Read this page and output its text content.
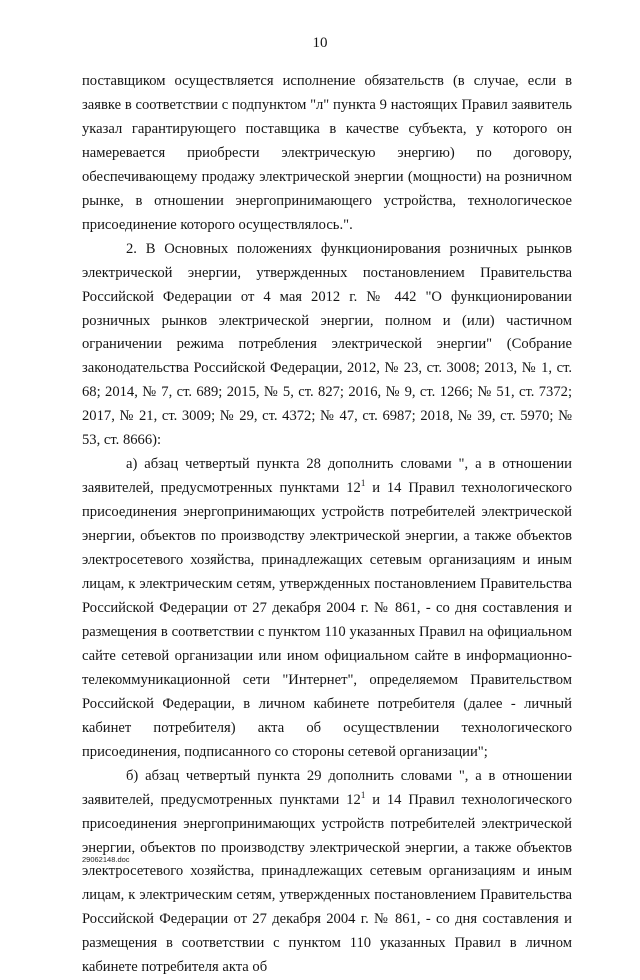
10

поставщиком осуществляется исполнение обязательств (в случае, если в заявке в соответствии с подпунктом "л" пункта 9 настоящих Правил заявитель указал гарантирующего поставщика в качестве субъекта, у которого он намеревается приобрести электрическую энергию) по договору, обеспечивающему продажу электрической энергии (мощности) на розничном рынке, в отношении энергопринимающего устройства, технологическое присоединение которого осуществлялось.".

2. В Основных положениях функционирования розничных рынков электрической энергии, утвержденных постановлением Правительства Российской Федерации от 4 мая 2012 г. № 442 "О функционировании розничных рынков электрической энергии, полном и (или) частичном ограничении режима потребления электрической энергии" (Собрание законодательства Российской Федерации, 2012, № 23, ст. 3008; 2013, № 1, ст. 68; 2014, № 7, ст. 689; 2015, № 5, ст. 827; 2016, № 9, ст. 1266; № 51, ст. 7372; 2017, № 21, ст. 3009; № 29, ст. 4372; № 47, ст. 6987; 2018, № 39, ст. 5970; № 53, ст. 8666):

а) абзац четвертый пункта 28 дополнить словами ", а в отношении заявителей, предусмотренных пунктами $12^1$ и 14 Правил технологического присоединения энергопринимающих устройств потребителей электрической энергии, объектов по производству электрической энергии, а также объектов электросетевого хозяйства, принадлежащих сетевым организациям и иным лицам, к электрическим сетям, утвержденных постановлением Правительства Российской Федерации от 27 декабря 2004 г. № 861, - со дня составления и размещения в соответствии с пунктом 110 указанных Правил на официальном сайте сетевой организации или ином официальном сайте в информационно-телекоммуникационной сети "Интернет", определяемом Правительством Российской Федерации, в личном кабинете потребителя (далее - личный кабинет потребителя) акта об осуществлении технологического присоединения, подписанного со стороны сетевой организации";

б) абзац четвертый пункта 29 дополнить словами ", а в отношении заявителей, предусмотренных пунктами $12^1$ и 14 Правил технологического присоединения энергопринимающих устройств потребителей электрической энергии, объектов по производству электрической энергии, а также объектов электросетевого хозяйства, принадлежащих сетевым организациям и иным лицам, к электрическим сетям, утвержденных постановлением Правительства Российской Федерации от 27 декабря 2004 г. № 861, - со дня составления и размещения в соответствии с пунктом 110 указанных Правил в личном кабинете потребителя акта об

29062148.doc
